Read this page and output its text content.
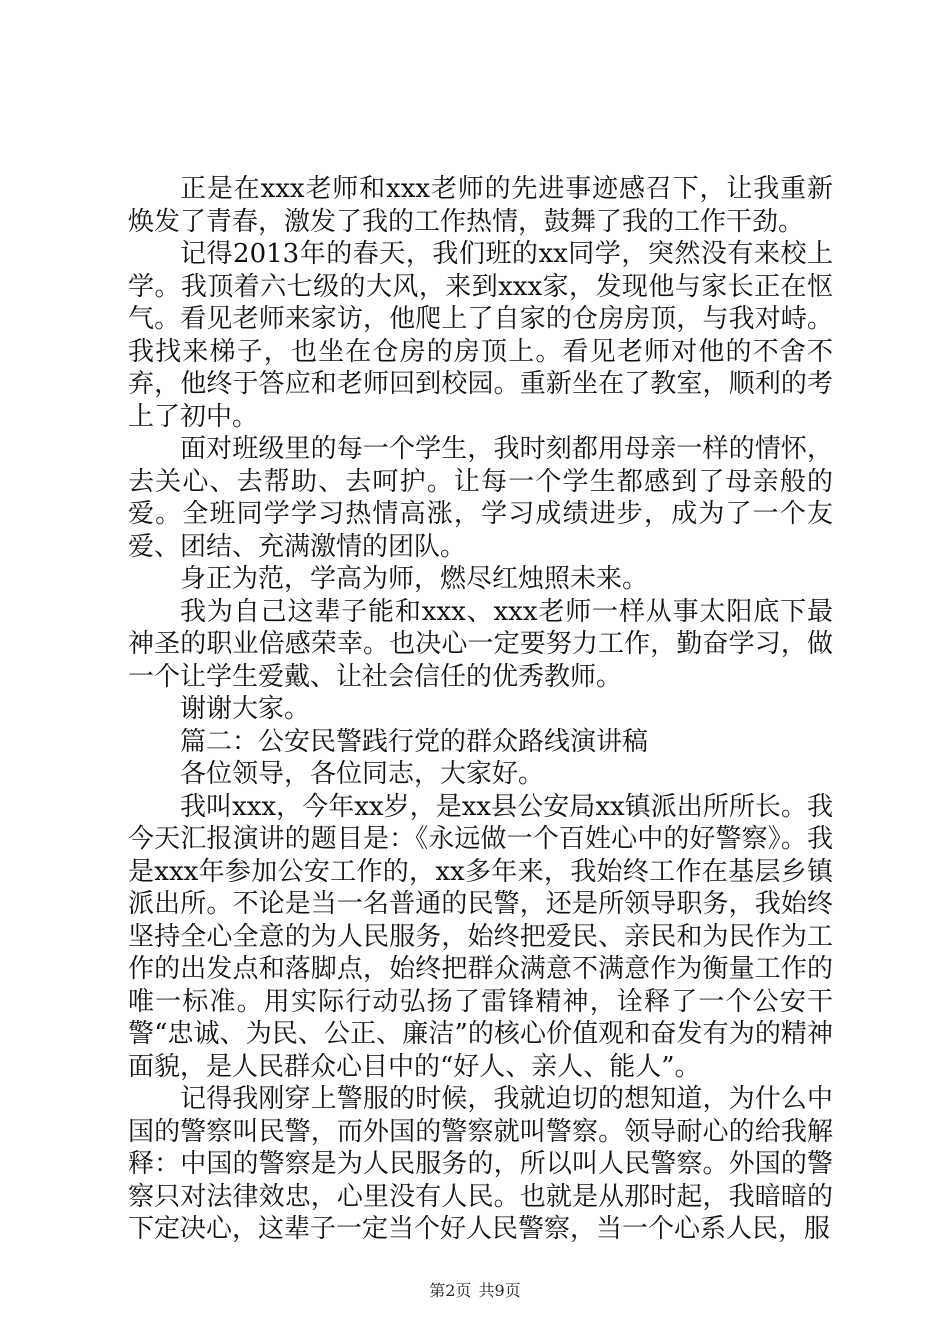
正是在xxx老师和xxx老师的先进事迹感召下，让我重新焕发了青春，激发了我的工作热情，鼓舞了我的工作干劲。

记得2013年的春天，我们班的xx同学，突然没有来校上学。我顶着六七级的大风，来到xxx家，发现他与家长正在怄气。看见老师来家访，他爬上了自家的仓房房顶，与我对峙。我找来梯子，也坐在仓房的房顶上。看见老师对他的不舍不弃，他终于答应和老师回到校园。重新坐在了教室，顺利的考上了初中。

面对班级里的每一个学生，我时刻都用母亲一样的情怀，去关心、去帮助、去呵护。让每一个学生都感到了母亲般的爱。全班同学学习热情高涨，学习成绩进步，成为了一个友爱、团结、充满激情的团队。

身正为范，学高为师，燃尽红烛照未来。

我为自己这辈子能和xxx、xxx老师一样从事太阳底下最神圣的职业倍感荣幸。也决心一定要努力工作，勤奋学习，做一个让学生爱戴、让社会信任的优秀教师。

谢谢大家。

篇二：公安民警践行党的群众路线演讲稿

各位领导，各位同志，大家好。

我叫xxx，今年xx岁，是xx县公安局xx镇派出所所长。我今天汇报演讲的题目是：《永远做一个百姓心中的好警察》。我是xxx年参加公安工作的，xx多年来，我始终工作在基层乡镇派出所。不论是当一名普通的民警，还是所领导职务，我始终坚持全心全意的为人民服务，始终把爱民、亲民和为民作为工作的出发点和落脚点，始终把群众满意不满意作为衡量工作的唯一标准。用实际行动弘扬了雷锋精神，诠释了一个公安干警“忠诚、为民、公正、廉洁”的核心价值观和奋发有为的精神面貌，是人民群众心目中的“好人、亲人、能人”。

记得我刚穿上警服的时候，我就迫切的想知道，为什么中国的警察叫民警，而外国的警察就叫警察。领导耐心的给我解释：中国的警察是为人民服务的，所以叫人民警察。外国的警察只对法律效忠，心里没有人民。也就是从那时起，我暗暗的下定决心，这辈子一定当个好人民警察，当一个心系人民，服

第2页 共9页
